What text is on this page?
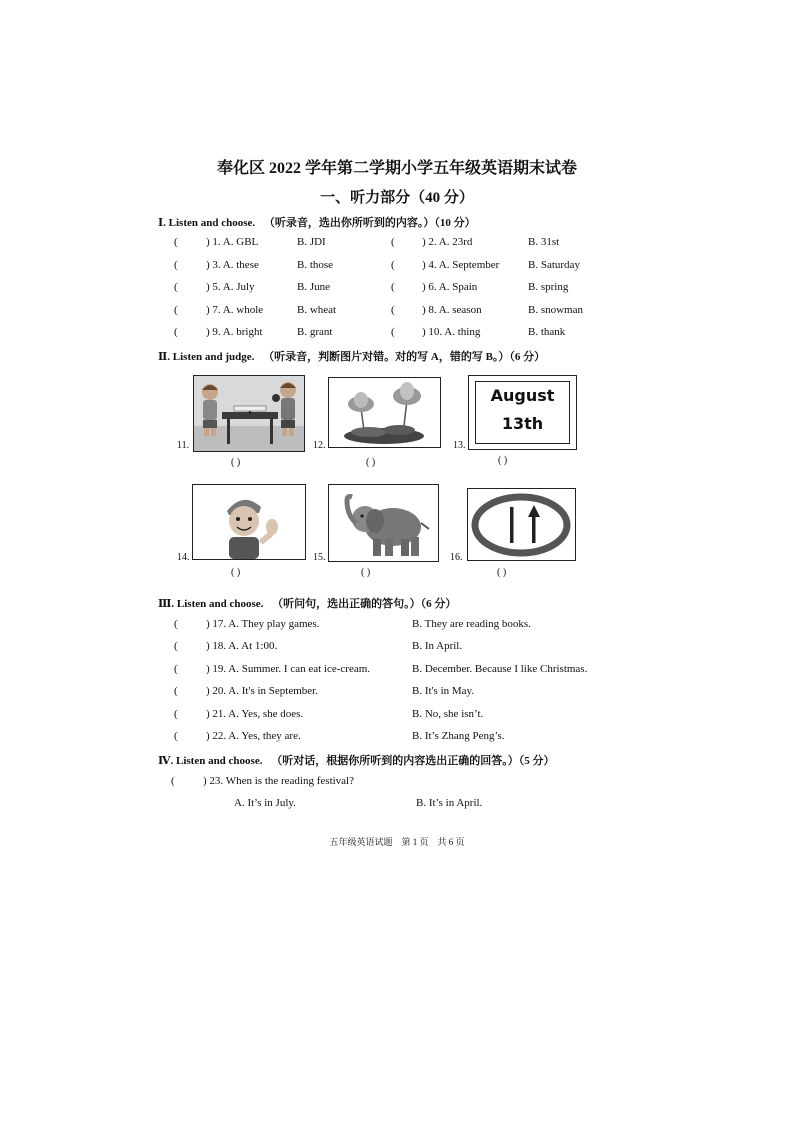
奉化区 2022 学年第二学期小学五年级英语期末试卷
一、听力部分（40 分）
Ⅰ. Listen and choose. （听录音，选出你所听到的内容。）（10 分）
(	) 1. A. GBL	B. JDI	( ) 2. A. 23rd	B. 31st
(	) 3. A. these	B. those	( ) 4. A. September	B. Saturday
(	) 5. A. July	B. June	( ) 6. A. Spain	B. spring
(	) 7. A. whole	B. wheat	( ) 8. A. season	B. snowman
(	) 9. A. bright	B. grant	( ) 10. A. thing	B. thank
Ⅱ. Listen and judge. （听录音，判断图片对错。对的写 A，错的写 B。）（6 分）
11.
( )
12.
( )
13.
August
13th
( )
14.
( )
15.
( )
16.
( )
Ⅲ. Listen and choose. （听问句，选出正确的答句。）（6 分）
(	) 17. A. They play games.	B. They are reading books.
(	) 18. A. At 1:00.	B. In April.
(	) 19. A. Summer. I can eat ice-cream.	B. December. Because I like Christmas.
(	) 20. A. It's in September.	B. It's in May.
(	) 21. A. Yes, she does.	B. No, she isn’t.
(	) 22. A. Yes, they are.	B. It’s Zhang Peng’s.
Ⅳ. Listen and choose. （听对话，根据你所听到的内容选出正确的回答。）（5 分）
(	) 23. When is the reading festival?
A. It’s in July.	B. It’s in April.
五年级英语试题　第 1 页　共 6 页
